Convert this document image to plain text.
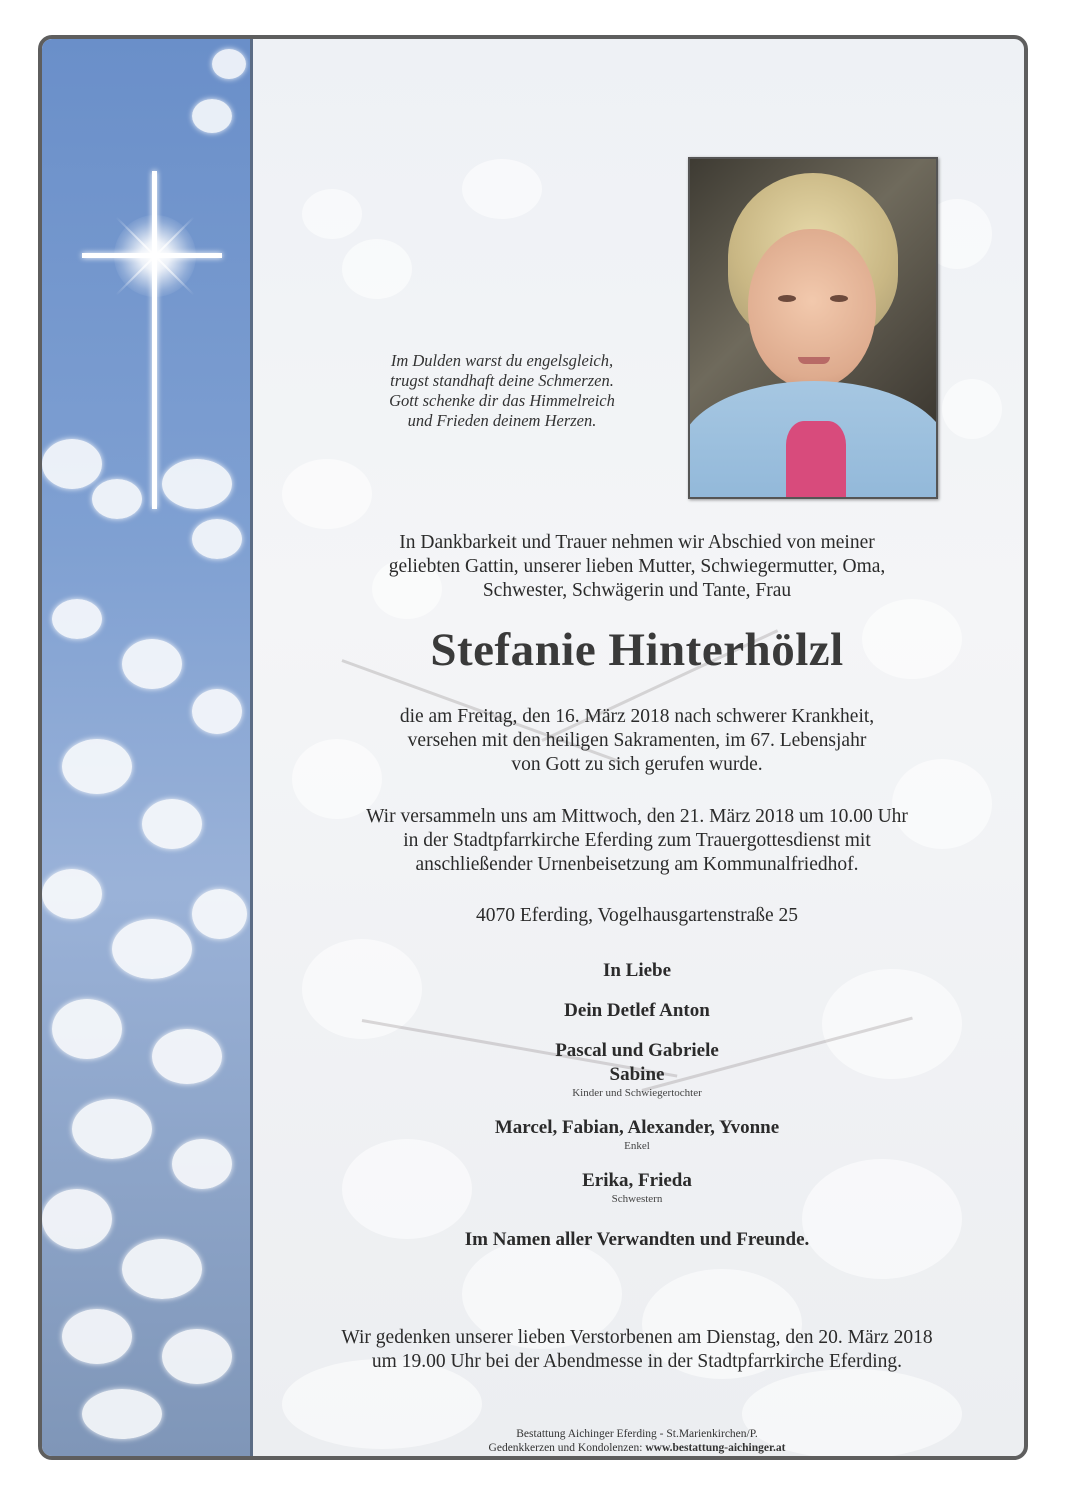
Im Dulden warst du engelsgleich,
trugst standhaft deine Schmerzen.
Gott schenke dir das Himmelreich
und Frieden deinem Herzen.
In Dankbarkeit und Trauer nehmen wir Abschied von meiner
geliebten Gattin, unserer lieben Mutter, Schwiegermutter, Oma,
Schwester, Schwägerin und Tante, Frau
Stefanie Hinterhölzl
die am Freitag, den 16. März 2018 nach schwerer Krankheit,
versehen mit den heiligen Sakramenten, im 67. Lebensjahr
von Gott zu sich gerufen wurde.
Wir versammeln uns am Mittwoch, den 21. März 2018 um 10.00 Uhr
in der Stadtpfarrkirche Eferding zum Trauergottesdienst mit
anschließender Urnenbeisetzung am Kommunalfriedhof.
4070 Eferding, Vogelhausgartenstraße 25
In Liebe
Dein Detlef Anton
Pascal und Gabriele
Sabine
Kinder und Schwiegertochter
Marcel, Fabian, Alexander, Yvonne
Enkel
Erika, Frieda
Schwestern
Im Namen aller Verwandten und Freunde.
Wir gedenken unserer lieben Verstorbenen am Dienstag, den 20. März 2018
um 19.00 Uhr bei der Abendmesse in der Stadtpfarrkirche Eferding.
Bestattung Aichinger Eferding - St.Marienkirchen/P.
Gedenkkerzen und Kondolenzen: www.bestattung-aichinger.at
